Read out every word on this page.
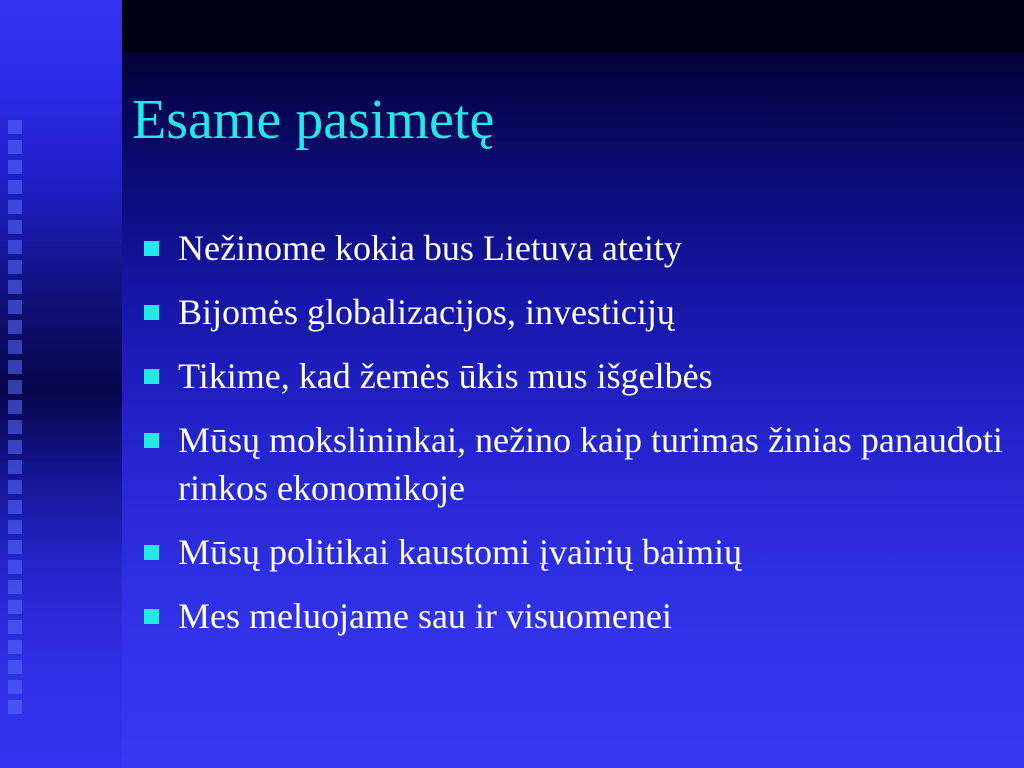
Esame pasimetę
Nežinome kokia bus Lietuva ateity
Bijomės globalizacijos, investicijų
Tikime, kad žemės ūkis mus išgelbės
Mūsų mokslininkai, nežino kaip turimas žinias panaudoti rinkos ekonomikoje
Mūsų politikai kaustomi įvairių baimių
Mes meluojame sau ir visuomenei
